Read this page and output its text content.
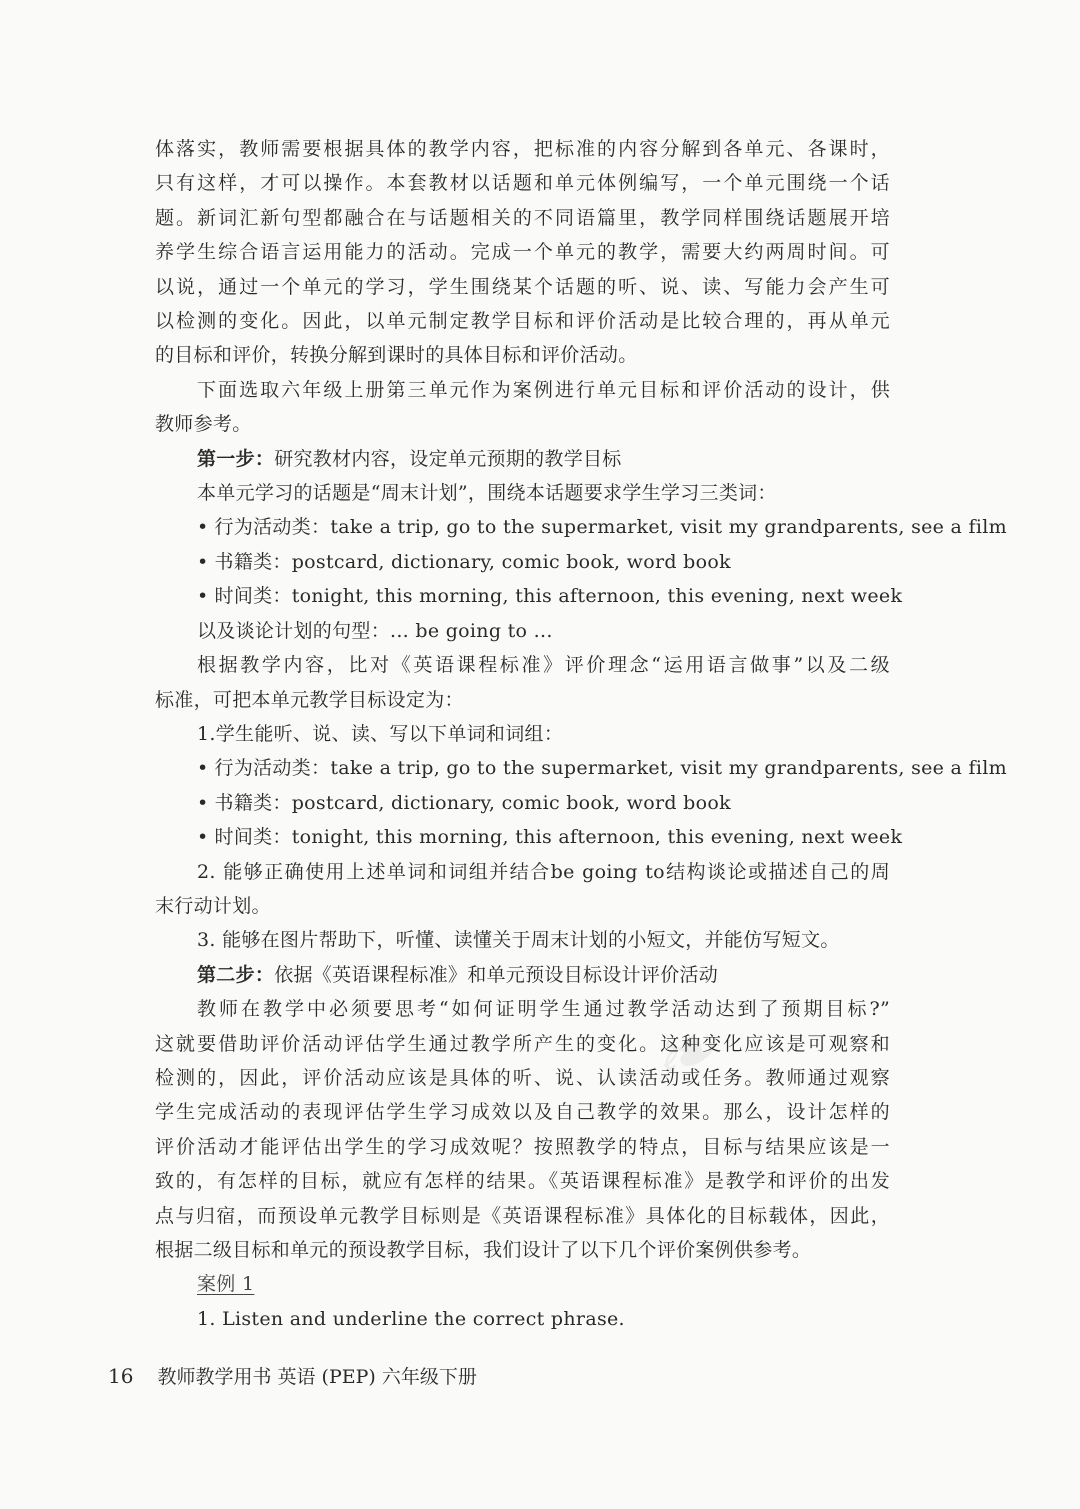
❧
体落实，教师需要根据具体的教学内容，把标准的内容分解到各单元、各课时，
只有这样，才可以操作。本套教材以话题和单元体例编写，一个单元围绕一个话
题。新词汇新句型都融合在与话题相关的不同语篇里，教学同样围绕话题展开培
养学生综合语言运用能力的活动。完成一个单元的教学，需要大约两周时间。可
以说，通过一个单元的学习，学生围绕某个话题的听、说、读、写能力会产生可
以检测的变化。因此，以单元制定教学目标和评价活动是比较合理的，再从单元
的目标和评价，转换分解到课时的具体目标和评价活动。
下面选取六年级上册第三单元作为案例进行单元目标和评价活动的设计，供
教师参考。
第一步：研究教材内容，设定单元预期的教学目标
本单元学习的话题是“周末计划”，围绕本话题要求学生学习三类词：
• 行为活动类：take a trip, go to the supermarket, visit my grandparents, see a film
• 书籍类：postcard, dictionary, comic book, word book
• 时间类：tonight, this morning, this afternoon, this evening, next week
以及谈论计划的句型：... be going to ...
根据教学内容，比对《英语课程标准》评价理念“运用语言做事”以及二级
标准，可把本单元教学目标设定为：
1.学生能听、说、读、写以下单词和词组：
• 行为活动类：take a trip, go to the supermarket, visit my grandparents, see a film
• 书籍类：postcard, dictionary, comic book, word book
• 时间类：tonight, this morning, this afternoon, this evening, next week
2. 能够正确使用上述单词和词组并结合be going to结构谈论或描述自己的周
末行动计划。
3. 能够在图片帮助下，听懂、读懂关于周末计划的小短文，并能仿写短文。
第二步：依据《英语课程标准》和单元预设目标设计评价活动
教师在教学中必须要思考“如何证明学生通过教学活动达到了预期目标?”
这就要借助评价活动评估学生通过教学所产生的变化。这种变化应该是可观察和
检测的，因此，评价活动应该是具体的听、说、认读活动或任务。教师通过观察
学生完成活动的表现评估学生学习成效以及自己教学的效果。那么，设计怎样的
评价活动才能评估出学生的学习成效呢？按照教学的特点，目标与结果应该是一
致的，有怎样的目标，就应有怎样的结果。《英语课程标准》是教学和评价的出发
点与归宿，而预设单元教学目标则是《英语课程标准》具体化的目标载体，因此，
根据二级目标和单元的预设教学目标，我们设计了以下几个评价案例供参考。
案例 1
1. Listen and underline the correct phrase.
16 教师教学用书 英语 (PEP) 六年级下册
